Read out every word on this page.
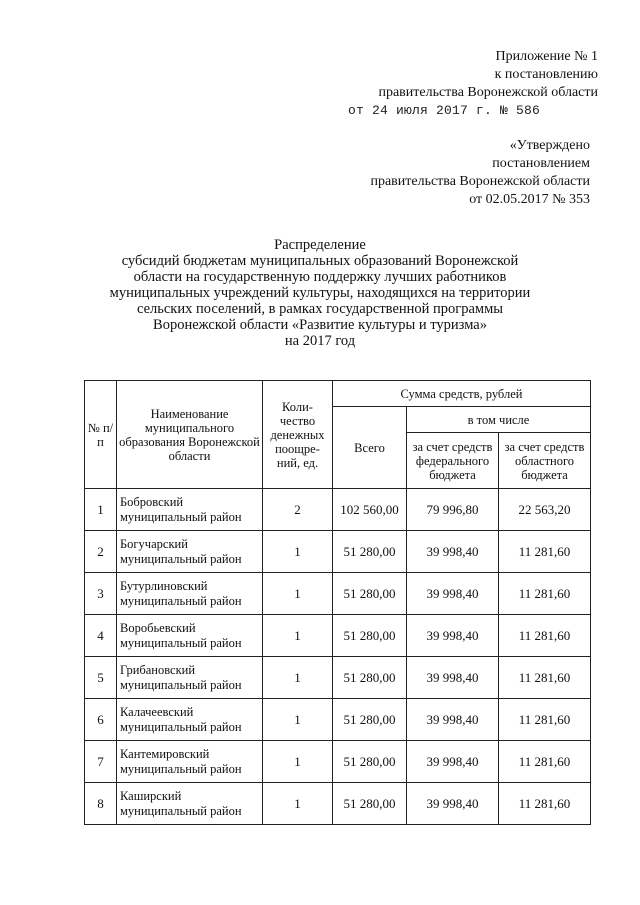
Приложение № 1
к постановлению
правительства Воронежской области
от 24 июля 2017 г. № 586
«Утверждено
постановлением
правительства Воронежской области
от 02.05.2017 № 353
Распределение
субсидий бюджетам муниципальных образований Воронежской
области на государственную поддержку лучших работников
муниципальных учреждений культуры, находящихся на территории
сельских поселений, в рамках государственной программы
Воронежской области «Развитие культуры и туризма»
на 2017 год
№ п/п	Наименование муниципального образования Воронежской области	Коли-чество денежных поощре-ний, ед.	Сумма средств, рублей		
			Всего	в том числе	
				за счет средств федерального бюджета	за счет средств областного бюджета
1	Бобровский муниципальный район	2	102 560,00	79 996,80	22 563,20
2	Богучарский муниципальный район	1	51 280,00	39 998,40	11 281,60
3	Бутурлиновский муниципальный район	1	51 280,00	39 998,40	11 281,60
4	Воробьевский муниципальный район	1	51 280,00	39 998,40	11 281,60
5	Грибановский муниципальный район	1	51 280,00	39 998,40	11 281,60
6	Калачеевский муниципальный район	1	51 280,00	39 998,40	11 281,60
7	Кантемировский муниципальный район	1	51 280,00	39 998,40	11 281,60
8	Каширский муниципальный район	1	51 280,00	39 998,40	11 281,60
